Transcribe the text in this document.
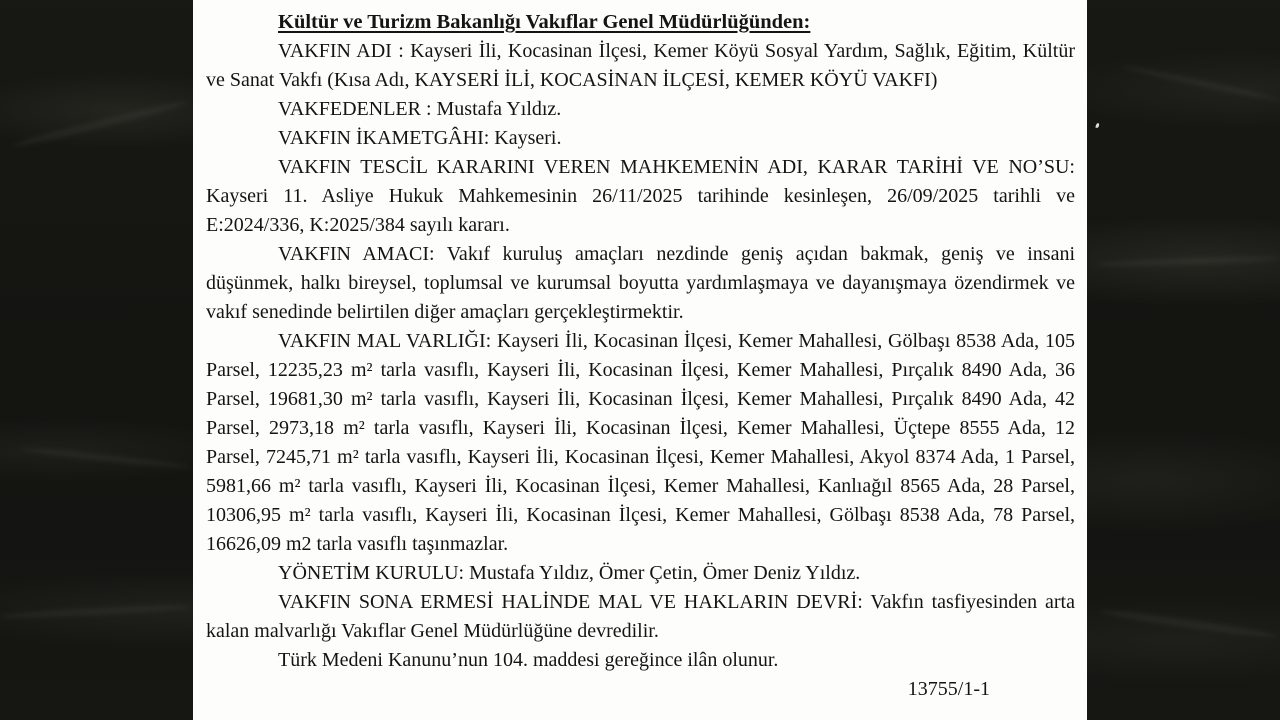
Kültür ve Turizm Bakanlığı Vakıflar Genel Müdürlüğünden:

VAKFIN ADI : Kayseri İli, Kocasinan İlçesi, Kemer Köyü Sosyal Yardım, Sağlık, Eğitim, Kültür ve Sanat Vakfı (Kısa Adı, KAYSERİ İLİ, KOCASİNAN İLÇESİ, KEMER KÖYÜ VAKFI)

VAKFEDENLER : Mustafa Yıldız.

VAKFIN İKAMETGÂHI: Kayseri.

VAKFIN TESCİL KARARINI VEREN MAHKEMENİN ADI, KARAR TARİHİ VE NO’SU: Kayseri 11. Asliye Hukuk Mahkemesinin 26/11/2025 tarihinde kesinleşen, 26/09/2025 tarihli ve E:2024/336, K:2025/384 sayılı kararı.

VAKFIN AMACI: Vakıf kuruluş amaçları nezdinde geniş açıdan bakmak, geniş ve insani düşünmek, halkı bireysel, toplumsal ve kurumsal boyutta yardımlaşmaya ve dayanışmaya özendirmek ve vakıf senedinde belirtilen diğer amaçları gerçekleştirmektir.

VAKFIN MAL VARLIĞI: Kayseri İli, Kocasinan İlçesi, Kemer Mahallesi, Gölbaşı 8538 Ada, 105 Parsel, 12235,23 m² tarla vasıflı, Kayseri İli, Kocasinan İlçesi, Kemer Mahallesi, Pırçalık 8490 Ada, 36 Parsel, 19681,30 m² tarla vasıflı, Kayseri İli, Kocasinan İlçesi, Kemer Mahallesi, Pırçalık 8490 Ada, 42 Parsel, 2973,18 m² tarla vasıflı, Kayseri İli, Kocasinan İlçesi, Kemer Mahallesi, Üçtepe 8555 Ada, 12 Parsel, 7245,71 m² tarla vasıflı, Kayseri İli, Kocasinan İlçesi, Kemer Mahallesi, Akyol 8374 Ada, 1 Parsel, 5981,66 m² tarla vasıflı, Kayseri İli, Kocasinan İlçesi, Kemer Mahallesi, Kanlıağıl 8565 Ada, 28 Parsel, 10306,95 m² tarla vasıflı, Kayseri İli, Kocasinan İlçesi, Kemer Mahallesi, Gölbaşı 8538 Ada, 78 Parsel, 16626,09 m2 tarla vasıflı taşınmazlar.

YÖNETİM KURULU: Mustafa Yıldız, Ömer Çetin, Ömer Deniz Yıldız.

VAKFIN SONA ERMESİ HALİNDE MAL VE HAKLARIN DEVRİ: Vakfın tasfiyesinden arta kalan malvarlığı Vakıflar Genel Müdürlüğüne devredilir.

Türk Medeni Kanunu’nun 104. maddesi gereğince ilân olunur.

13755/1-1
